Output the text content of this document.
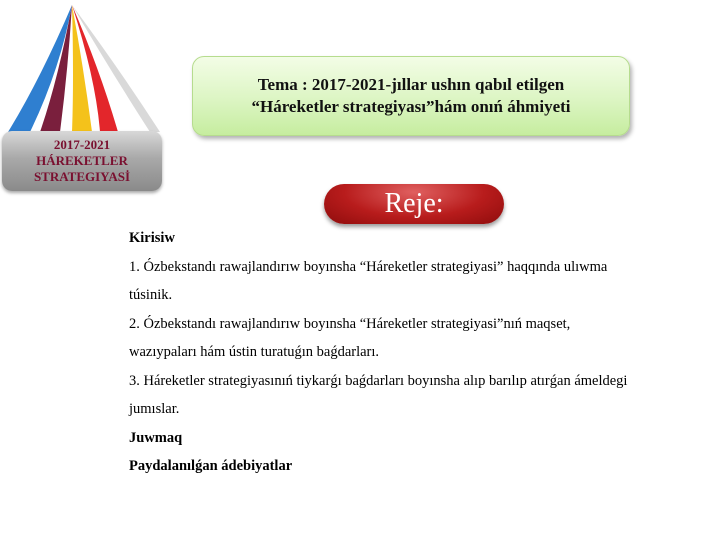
2017-2021
HÁREKETLER
STRATEGIYASİ
Tema : 2017-2021-jıllar ushın qabıl etilgen
“Háreketler strategiyası”hám onıń áhmiyeti
Reje:
Kirisiw
1. Ózbekstandı rawajlandırıw boyınsha “Háreketler strategiyasi” haqqında ulıwma
túsinik.
2. Ózbekstandı rawajlandırıw boyınsha “Háreketler strategiyasi”nıń maqset,
wazıypaları hám ústin turatuǵın baǵdarları.
3. Háreketler strategiyasınıń tiykarǵı baǵdarları boyınsha alıp barılıp atırǵan ámeldegi
jumıslar.
Juwmaq
Paydalanılǵan ádebiyatlar
